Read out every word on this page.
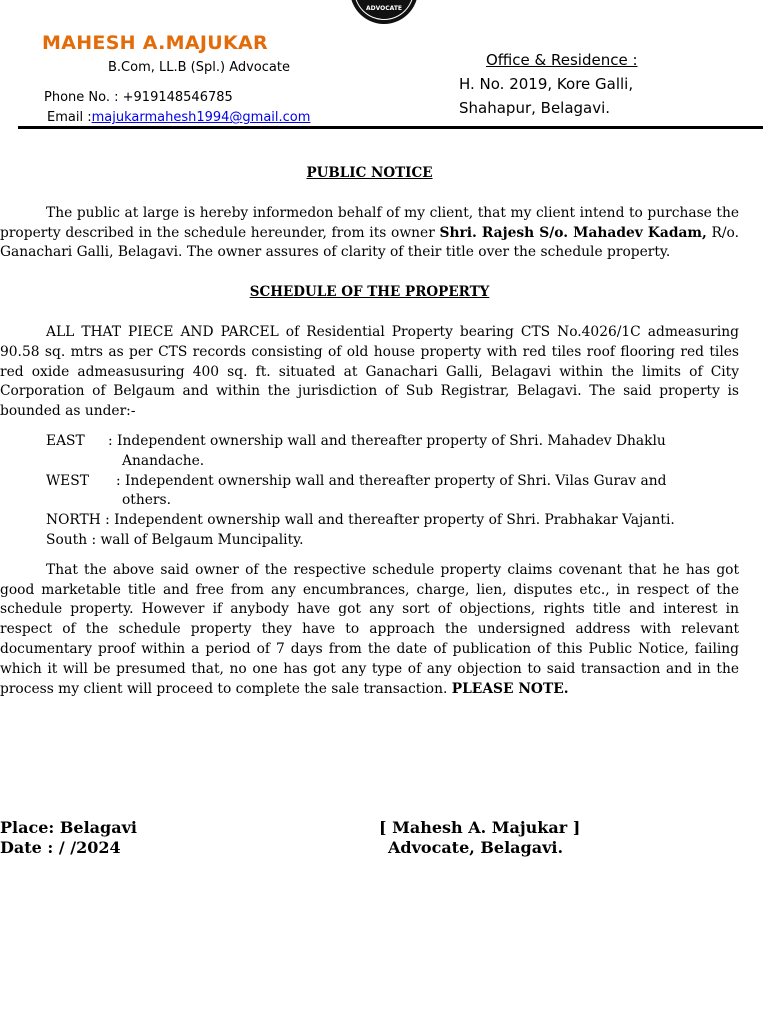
ADVOCATE
MAHESH A.MAJUKAR
B.Com, LL.B (Spl.) Advocate
Phone No. : +919148546785
Email :majukarmahesh1994@gmail.com
Office & Residence :
H. No. 2019, Kore Galli,
Shahapur, Belagavi.

PUBLIC NOTICE

The public at large is hereby informedon behalf of my client, that my client intend to purchase the property described in the schedule hereunder, from its owner Shri. Rajesh S/o. Mahadev Kadam, R/o. Ganachari Galli, Belagavi. The owner assures of clarity of their title over the schedule property.

SCHEDULE OF THE PROPERTY

ALL THAT PIECE AND PARCEL of Residential Property bearing CTS No.4026/1C admeasuring 90.58 sq. mtrs as per CTS records consisting of old house property with red tiles roof flooring red tiles red oxide admeasusuring 400 sq. ft. situated at Ganachari Galli, Belagavi within the limits of City Corporation of Belgaum and within the jurisdiction of Sub Registrar, Belagavi. The said property is bounded as under:-

EAST	: Independent ownership wall and thereafter property of Shri. Mahadev Dhaklu
Anandache.
WEST	: Independent ownership wall and thereafter property of Shri. Vilas Gurav and
others.
NORTH : Independent ownership wall and thereafter property of Shri. Prabhakar Vajanti.
South : wall of Belgaum Muncipality.

That the above said owner of the respective schedule property claims covenant that he has got good marketable title and free from any encumbrances, charge, lien, disputes etc., in respect of the schedule property. However if anybody have got any sort of objections, rights title and interest in respect of the schedule property they have to approach the undersigned address with relevant documentary proof within a period of 7 days from the date of publication of this Public Notice, failing which it will be presumed that, no one has got any type of any objection to said transaction and in the process my client will proceed to complete the sale transaction. PLEASE NOTE.

Place: Belagavi
Date : / /2024
[ Mahesh A. Majukar ]
Advocate, Belagavi.
